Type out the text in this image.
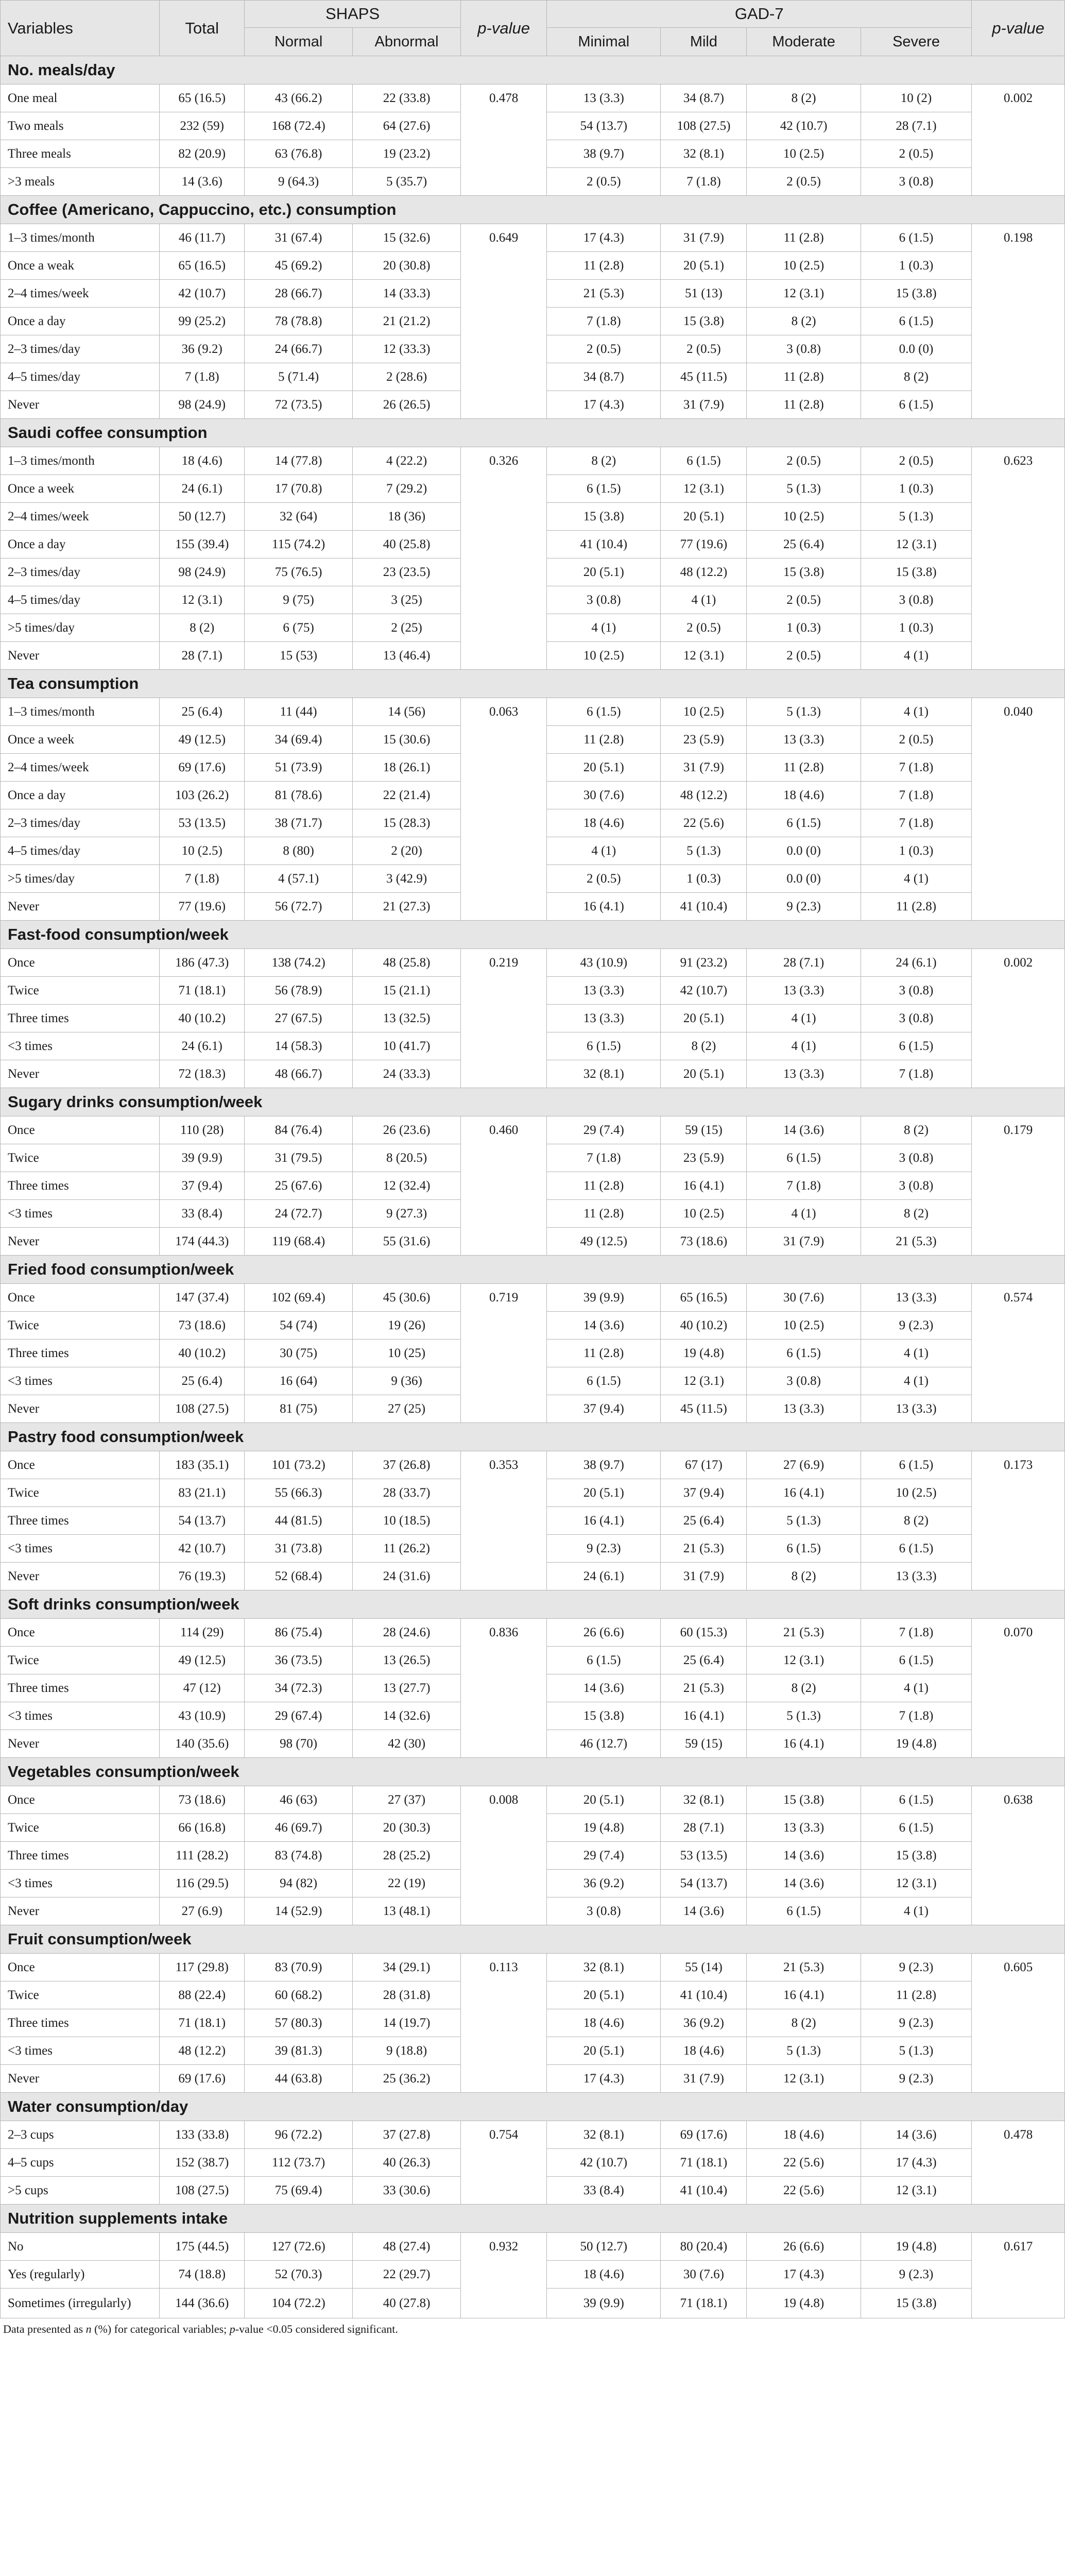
Variables	Total	SHAPS		p-value	GAD-7				p-value
		Normal	Abnormal		Minimal	Mild	Moderate	Severe	
No. meals/day									
One meal	65 (16.5)	43 (66.2)	22 (33.8)	0.478	13 (3.3)	34 (8.7)	8 (2)	10 (2)	0.002
Two meals	232 (59)	168 (72.4)	64 (27.6)		54 (13.7)	108 (27.5)	42 (10.7)	28 (7.1)	
Three meals	82 (20.9)	63 (76.8)	19 (23.2)		38 (9.7)	32 (8.1)	10 (2.5)	2 (0.5)	
>3 meals	14 (3.6)	9 (64.3)	5 (35.7)		2 (0.5)	7 (1.8)	2 (0.5)	3 (0.8)	
Coffee (Americano, Cappuccino, etc.) consumption									
1–3 times/month	46 (11.7)	31 (67.4)	15 (32.6)	0.649	17 (4.3)	31 (7.9)	11 (2.8)	6 (1.5)	0.198
Once a weak	65 (16.5)	45 (69.2)	20 (30.8)		11 (2.8)	20 (5.1)	10 (2.5)	1 (0.3)	
2–4 times/week	42 (10.7)	28 (66.7)	14 (33.3)		21 (5.3)	51 (13)	12 (3.1)	15 (3.8)	
Once a day	99 (25.2)	78 (78.8)	21 (21.2)		7 (1.8)	15 (3.8)	8 (2)	6 (1.5)	
2–3 times/day	36 (9.2)	24 (66.7)	12 (33.3)		2 (0.5)	2 (0.5)	3 (0.8)	0.0 (0)	
4–5 times/day	7 (1.8)	5 (71.4)	2 (28.6)		34 (8.7)	45 (11.5)	11 (2.8)	8 (2)	
Never	98 (24.9)	72 (73.5)	26 (26.5)		17 (4.3)	31 (7.9)	11 (2.8)	6 (1.5)	
Saudi coffee consumption									
1–3 times/month	18 (4.6)	14 (77.8)	4 (22.2)	0.326	8 (2)	6 (1.5)	2 (0.5)	2 (0.5)	0.623
Once a week	24 (6.1)	17 (70.8)	7 (29.2)		6 (1.5)	12 (3.1)	5 (1.3)	1 (0.3)	
2–4 times/week	50 (12.7)	32 (64)	18 (36)		15 (3.8)	20 (5.1)	10 (2.5)	5 (1.3)	
Once a day	155 (39.4)	115 (74.2)	40 (25.8)		41 (10.4)	77 (19.6)	25 (6.4)	12 (3.1)	
2–3 times/day	98 (24.9)	75 (76.5)	23 (23.5)		20 (5.1)	48 (12.2)	15 (3.8)	15 (3.8)	
4–5 times/day	12 (3.1)	9 (75)	3 (25)		3 (0.8)	4 (1)	2 (0.5)	3 (0.8)	
>5 times/day	8 (2)	6 (75)	2 (25)		4 (1)	2 (0.5)	1 (0.3)	1 (0.3)	
Never	28 (7.1)	15 (53)	13 (46.4)		10 (2.5)	12 (3.1)	2 (0.5)	4 (1)	
Tea consumption									
1–3 times/month	25 (6.4)	11 (44)	14 (56)	0.063	6 (1.5)	10 (2.5)	5 (1.3)	4 (1)	0.040
Once a week	49 (12.5)	34 (69.4)	15 (30.6)		11 (2.8)	23 (5.9)	13 (3.3)	2 (0.5)	
2–4 times/week	69 (17.6)	51 (73.9)	18 (26.1)		20 (5.1)	31 (7.9)	11 (2.8)	7 (1.8)	
Once a day	103 (26.2)	81 (78.6)	22 (21.4)		30 (7.6)	48 (12.2)	18 (4.6)	7 (1.8)	
2–3 times/day	53 (13.5)	38 (71.7)	15 (28.3)		18 (4.6)	22 (5.6)	6 (1.5)	7 (1.8)	
4–5 times/day	10 (2.5)	8 (80)	2 (20)		4 (1)	5 (1.3)	0.0 (0)	1 (0.3)	
>5 times/day	7 (1.8)	4 (57.1)	3 (42.9)		2 (0.5)	1 (0.3)	0.0 (0)	4 (1)	
Never	77 (19.6)	56 (72.7)	21 (27.3)		16 (4.1)	41 (10.4)	9 (2.3)	11 (2.8)	
Fast-food consumption/week									
Once	186 (47.3)	138 (74.2)	48 (25.8)	0.219	43 (10.9)	91 (23.2)	28 (7.1)	24 (6.1)	0.002
Twice	71 (18.1)	56 (78.9)	15 (21.1)		13 (3.3)	42 (10.7)	13 (3.3)	3 (0.8)	
Three times	40 (10.2)	27 (67.5)	13 (32.5)		13 (3.3)	20 (5.1)	4 (1)	3 (0.8)	
<3 times	24 (6.1)	14 (58.3)	10 (41.7)		6 (1.5)	8 (2)	4 (1)	6 (1.5)	
Never	72 (18.3)	48 (66.7)	24 (33.3)		32 (8.1)	20 (5.1)	13 (3.3)	7 (1.8)	
Sugary drinks consumption/week									
Once	110 (28)	84 (76.4)	26 (23.6)	0.460	29 (7.4)	59 (15)	14 (3.6)	8 (2)	0.179
Twice	39 (9.9)	31 (79.5)	8 (20.5)		7 (1.8)	23 (5.9)	6 (1.5)	3 (0.8)	
Three times	37 (9.4)	25 (67.6)	12 (32.4)		11 (2.8)	16 (4.1)	7 (1.8)	3 (0.8)	
<3 times	33 (8.4)	24 (72.7)	9 (27.3)		11 (2.8)	10 (2.5)	4 (1)	8 (2)	
Never	174 (44.3)	119 (68.4)	55 (31.6)		49 (12.5)	73 (18.6)	31 (7.9)	21 (5.3)	
Fried food consumption/week									
Once	147 (37.4)	102 (69.4)	45 (30.6)	0.719	39 (9.9)	65 (16.5)	30 (7.6)	13 (3.3)	0.574
Twice	73 (18.6)	54 (74)	19 (26)		14 (3.6)	40 (10.2)	10 (2.5)	9 (2.3)	
Three times	40 (10.2)	30 (75)	10 (25)		11 (2.8)	19 (4.8)	6 (1.5)	4 (1)	
<3 times	25 (6.4)	16 (64)	9 (36)		6 (1.5)	12 (3.1)	3 (0.8)	4 (1)	
Never	108 (27.5)	81 (75)	27 (25)		37 (9.4)	45 (11.5)	13 (3.3)	13 (3.3)	
Pastry food consumption/week									
Once	183 (35.1)	101 (73.2)	37 (26.8)	0.353	38 (9.7)	67 (17)	27 (6.9)	6 (1.5)	0.173
Twice	83 (21.1)	55 (66.3)	28 (33.7)		20 (5.1)	37 (9.4)	16 (4.1)	10 (2.5)	
Three times	54 (13.7)	44 (81.5)	10 (18.5)		16 (4.1)	25 (6.4)	5 (1.3)	8 (2)	
<3 times	42 (10.7)	31 (73.8)	11 (26.2)		9 (2.3)	21 (5.3)	6 (1.5)	6 (1.5)	
Never	76 (19.3)	52 (68.4)	24 (31.6)		24 (6.1)	31 (7.9)	8 (2)	13 (3.3)	
Soft drinks consumption/week									
Once	114 (29)	86 (75.4)	28 (24.6)	0.836	26 (6.6)	60 (15.3)	21 (5.3)	7 (1.8)	0.070
Twice	49 (12.5)	36 (73.5)	13 (26.5)		6 (1.5)	25 (6.4)	12 (3.1)	6 (1.5)	
Three times	47 (12)	34 (72.3)	13 (27.7)		14 (3.6)	21 (5.3)	8 (2)	4 (1)	
<3 times	43 (10.9)	29 (67.4)	14 (32.6)		15 (3.8)	16 (4.1)	5 (1.3)	7 (1.8)	
Never	140 (35.6)	98 (70)	42 (30)		46 (12.7)	59 (15)	16 (4.1)	19 (4.8)	
Vegetables consumption/week									
Once	73 (18.6)	46 (63)	27 (37)	0.008	20 (5.1)	32 (8.1)	15 (3.8)	6 (1.5)	0.638
Twice	66 (16.8)	46 (69.7)	20 (30.3)		19 (4.8)	28 (7.1)	13 (3.3)	6 (1.5)	
Three times	111 (28.2)	83 (74.8)	28 (25.2)		29 (7.4)	53 (13.5)	14 (3.6)	15 (3.8)	
<3 times	116 (29.5)	94 (82)	22 (19)		36 (9.2)	54 (13.7)	14 (3.6)	12 (3.1)	
Never	27 (6.9)	14 (52.9)	13 (48.1)		3 (0.8)	14 (3.6)	6 (1.5)	4 (1)	
Fruit consumption/week									
Once	117 (29.8)	83 (70.9)	34 (29.1)	0.113	32 (8.1)	55 (14)	21 (5.3)	9 (2.3)	0.605
Twice	88 (22.4)	60 (68.2)	28 (31.8)		20 (5.1)	41 (10.4)	16 (4.1)	11 (2.8)	
Three times	71 (18.1)	57 (80.3)	14 (19.7)		18 (4.6)	36 (9.2)	8 (2)	9 (2.3)	
<3 times	48 (12.2)	39 (81.3)	9 (18.8)		20 (5.1)	18 (4.6)	5 (1.3)	5 (1.3)	
Never	69 (17.6)	44 (63.8)	25 (36.2)		17 (4.3)	31 (7.9)	12 (3.1)	9 (2.3)	
Water consumption/day									
2–3 cups	133 (33.8)	96 (72.2)	37 (27.8)	0.754	32 (8.1)	69 (17.6)	18 (4.6)	14 (3.6)	0.478
4–5 cups	152 (38.7)	112 (73.7)	40 (26.3)		42 (10.7)	71 (18.1)	22 (5.6)	17 (4.3)	
>5 cups	108 (27.5)	75 (69.4)	33 (30.6)		33 (8.4)	41 (10.4)	22 (5.6)	12 (3.1)	
Nutrition supplements intake									
No	175 (44.5)	127 (72.6)	48 (27.4)	0.932	50 (12.7)	80 (20.4)	26 (6.6)	19 (4.8)	0.617
Yes (regularly)	74 (18.8)	52 (70.3)	22 (29.7)		18 (4.6)	30 (7.6)	17 (4.3)	9 (2.3)	
Sometimes (irregularly)	144 (36.6)	104 (72.2)	40 (27.8)		39 (9.9)	71 (18.1)	19 (4.8)	15 (3.8)	
Data presented as n (%) for categorical variables; p-value <0.05 considered significant.
